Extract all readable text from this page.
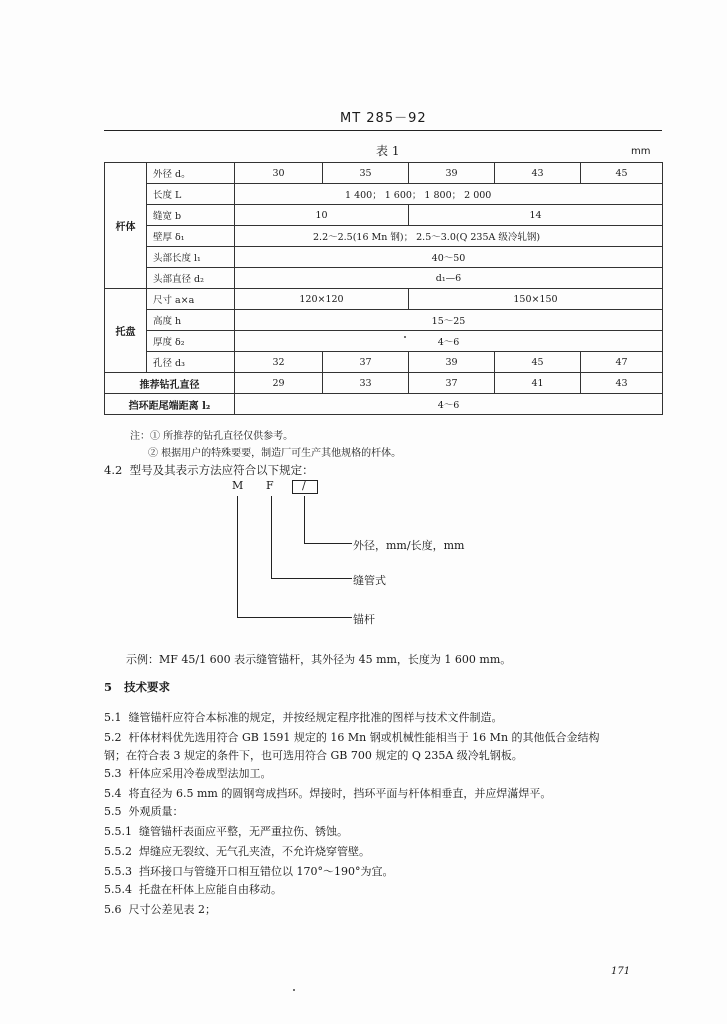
MT 285－92
表 1	mm
杆体	外径 d。	30	35	39	43	45
	长度 L	1 400； 1 600； 1 800； 2 000				
	缝宽 b	10		14		
	壁厚 δ₁	2.2～2.5(16 Mn 钢)； 2.5～3.0(Q 235A 级冷轧钢)				
	头部长度 l₁	40～50				
	头部直径 d₂	d₁—6				
托盘	尺寸 a×a	120×120		150×150		
	高度 h	15～25				
	厚度 δ₂	4～6				
	孔径 d₃	32	37	39	45	47
推荐钻孔直径		29	33	37	41	43
挡环距尾端距离 l₂		4～6				
注：① 所推荐的钻孔直径仅供参考。
② 根据用户的特殊要要，制造厂可生产其他规格的杆体。
4.2 型号及其表示方法应符合以下规定：
M F	/
外径，mm/长度，mm
缝管式
锚杆
示例：MF 45/1 600 表示缝管锚杆，其外径为 45 mm，长度为 1 600 mm。
5 技术要求
5.1 缝管锚杆应符合本标准的规定，并按经规定程序批准的图样与技术文件制造。
5.2 杆体材料优先选用符合 GB 1591 规定的 16 Mn 钢或机械性能相当于 16 Mn 的其他低合金结构
钢；在符合表 3 规定的条件下，也可选用符合 GB 700 规定的 Q 235A 级冷轧钢板。
5.3 杆体应采用冷卷成型法加工。
5.4 将直径为 6.5 mm 的圆钢弯成挡环。焊接时，挡环平面与杆体相垂直，并应焊滿焊平。
5.5 外观质量：
5.5.1 缝管锚杆表面应平整，无严重拉伤、锈蚀。
5.5.2 焊缝应无裂纹、无气孔夹渣，不允许烧穿管壁。
5.5.3 挡环接口与管缝开口相互错位以 170°～190°为宜。
5.5.4 托盘在杆体上应能自由移动。
5.6 尺寸公差见表 2；
171
